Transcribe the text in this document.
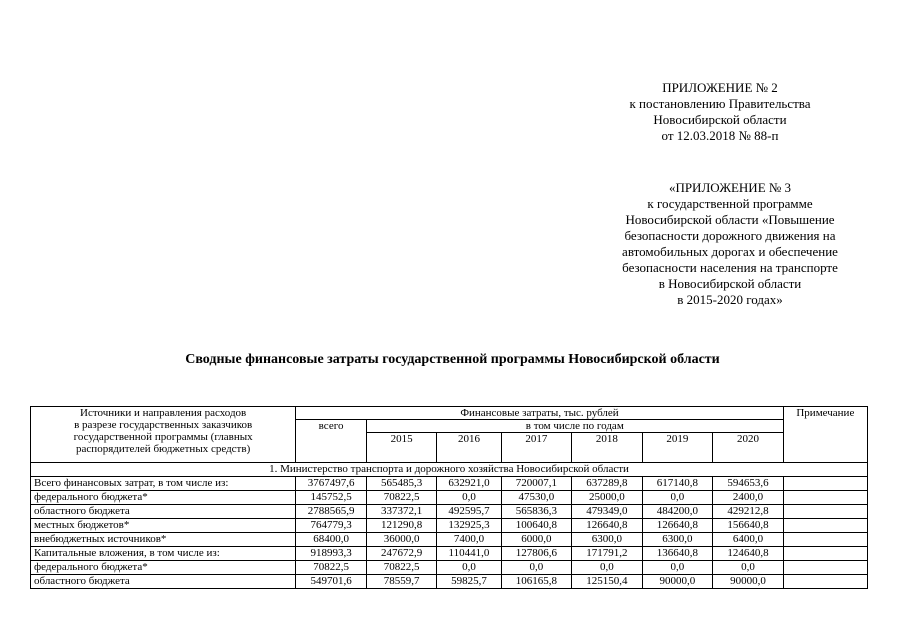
ПРИЛОЖЕНИЕ № 2
к постановлению Правительства
Новосибирской области
от 12.03.2018 № 88-п
«ПРИЛОЖЕНИЕ № 3
к государственной программе
Новосибирской области «Повышение
безопасности дорожного движения на
автомобильных дорогах и обеспечение
безопасности населения на транспорте
в Новосибирской области
в 2015-2020 годах»
Сводные финансовые затраты государственной программы Новосибирской области
Источники и направления расходов
в разрезе государственных заказчиков
государственной программы (главных
распорядителей бюджетных средств)	Финансовые затраты, тыс. рублей							Примечание
	всего	в том числе по годам						
		2015	2016	2017	2018	2019	2020	
1. Министерство транспорта и дорожного хозяйства Новосибирской области								
Всего финансовых затрат, в том числе из:	3767497,6	565485,3	632921,0	720007,1	637289,8	617140,8	594653,6	
федерального бюджета*	145752,5	70822,5	0,0	47530,0	25000,0	0,0	2400,0	
областного бюджета	2788565,9	337372,1	492595,7	565836,3	479349,0	484200,0	429212,8	
местных бюджетов*	764779,3	121290,8	132925,3	100640,8	126640,8	126640,8	156640,8	
внебюджетных источников*	68400,0	36000,0	7400,0	6000,0	6300,0	6300,0	6400,0	
Капитальные вложения, в том числе из:	918993,3	247672,9	110441,0	127806,6	171791,2	136640,8	124640,8	
федерального бюджета*	70822,5	70822,5	0,0	0,0	0,0	0,0	0,0	
областного бюджета	549701,6	78559,7	59825,7	106165,8	125150,4	90000,0	90000,0	
